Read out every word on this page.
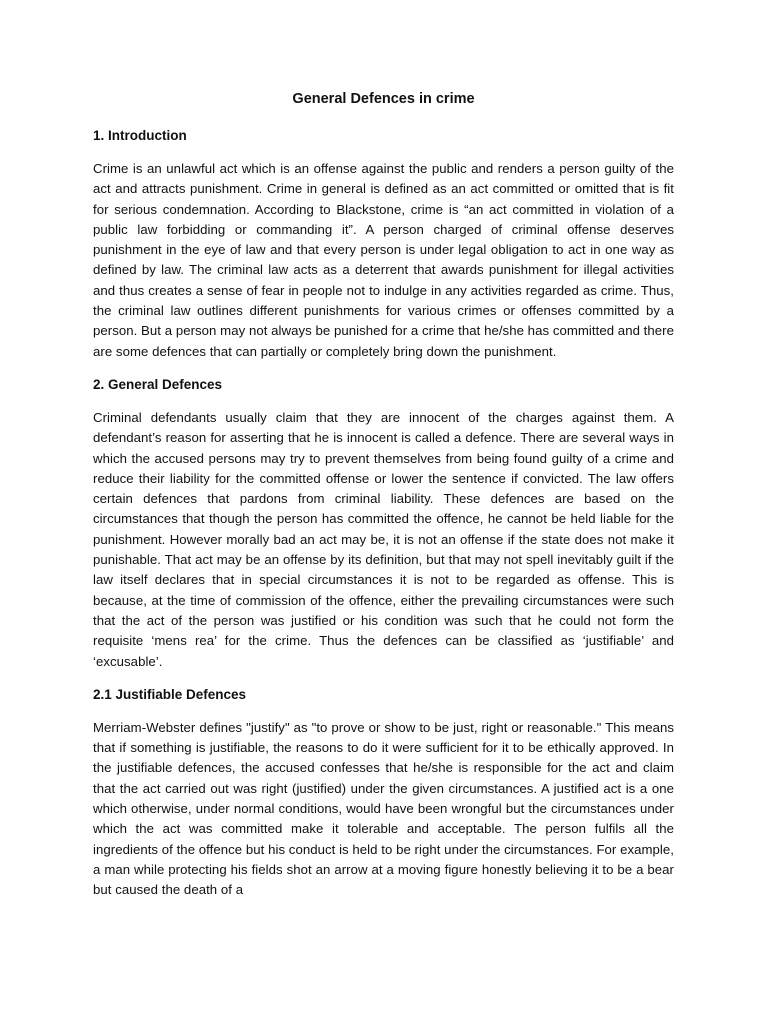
General Defences in crime
1. Introduction

Crime is an unlawful act which is an offense against the public and renders a person guilty of the act and attracts punishment. Crime in general is defined as an act committed or omitted that is fit for serious condemnation. According to Blackstone, crime is “an act committed in violation of a public law forbidding or commanding it”. A person charged of criminal offense deserves punishment in the eye of law and that every person is under legal obligation to act in one way as defined by law. The criminal law acts as a deterrent that awards punishment for illegal activities and thus creates a sense of fear in people not to indulge in any activities regarded as crime. Thus, the criminal law outlines different punishments for various crimes or offenses committed by a person. But a person may not always be punished for a crime that he/she has committed and there are some defences that can partially or completely bring down the punishment.

2. General Defences

Criminal defendants usually claim that they are innocent of the charges against them. A defendant’s reason for asserting that he is innocent is called a defence. There are several ways in which the accused persons may try to prevent themselves from being found guilty of a crime and reduce their liability for the committed offense or lower the sentence if convicted. The law offers certain defences that pardons from criminal liability. These defences are based on the circumstances that though the person has committed the offence, he cannot be held liable for the punishment. However morally bad an act may be, it is not an offense if the state does not make it punishable. That act may be an offense by its definition, but that may not spell inevitably guilt if the law itself declares that in special circumstances it is not to be regarded as offense. This is because, at the time of commission of the offence, either the prevailing circumstances were such that the act of the person was justified or his condition was such that he could not form the requisite ‘mens rea’ for the crime. Thus the defences can be classified as ‘justifiable’ and ‘excusable’.

2.1 Justifiable Defences

Merriam-Webster defines "justify" as "to prove or show to be just, right or reasonable." This means that if something is justifiable, the reasons to do it were sufficient for it to be ethically approved. In the justifiable defences, the accused confesses that he/she is responsible for the act and claim that the act carried out was right (justified) under the given circumstances. A justified act is a one which otherwise, under normal conditions, would have been wrongful but the circumstances under which the act was committed make it tolerable and acceptable. The person fulfils all the ingredients of the offence but his conduct is held to be right under the circumstances. For example, a man while protecting his fields shot an arrow at a moving figure honestly believing it to be a bear but caused the death of a
